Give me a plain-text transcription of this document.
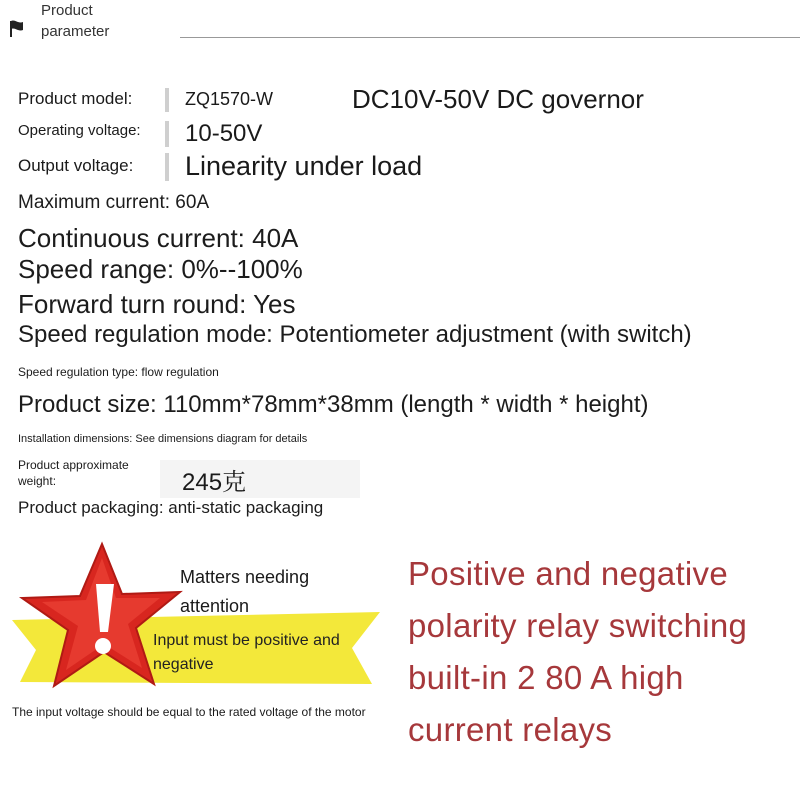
Product
parameter
Product model:	ZQ1570-W	DC10V-50V DC governor
Operating voltage: 10-50V
Output voltage: Linearity under load
Maximum current: 60A
Continuous current: 40A
Speed range: 0%--100%
Forward turn round: Yes
Speed regulation mode: Potentiometer adjustment (with switch)
Speed regulation type: flow regulation
Product size: 110mm*78mm*38mm (length * width * height)
Installation dimensions: See dimensions diagram for details
Product approximate weight:	245克
Product packaging: anti-static packaging
Matters needing attention
Input must be positive and negative
The input voltage should be equal to the rated voltage of the motor
Positive and negative polarity relay switching built-in 2 80 A high current relays
